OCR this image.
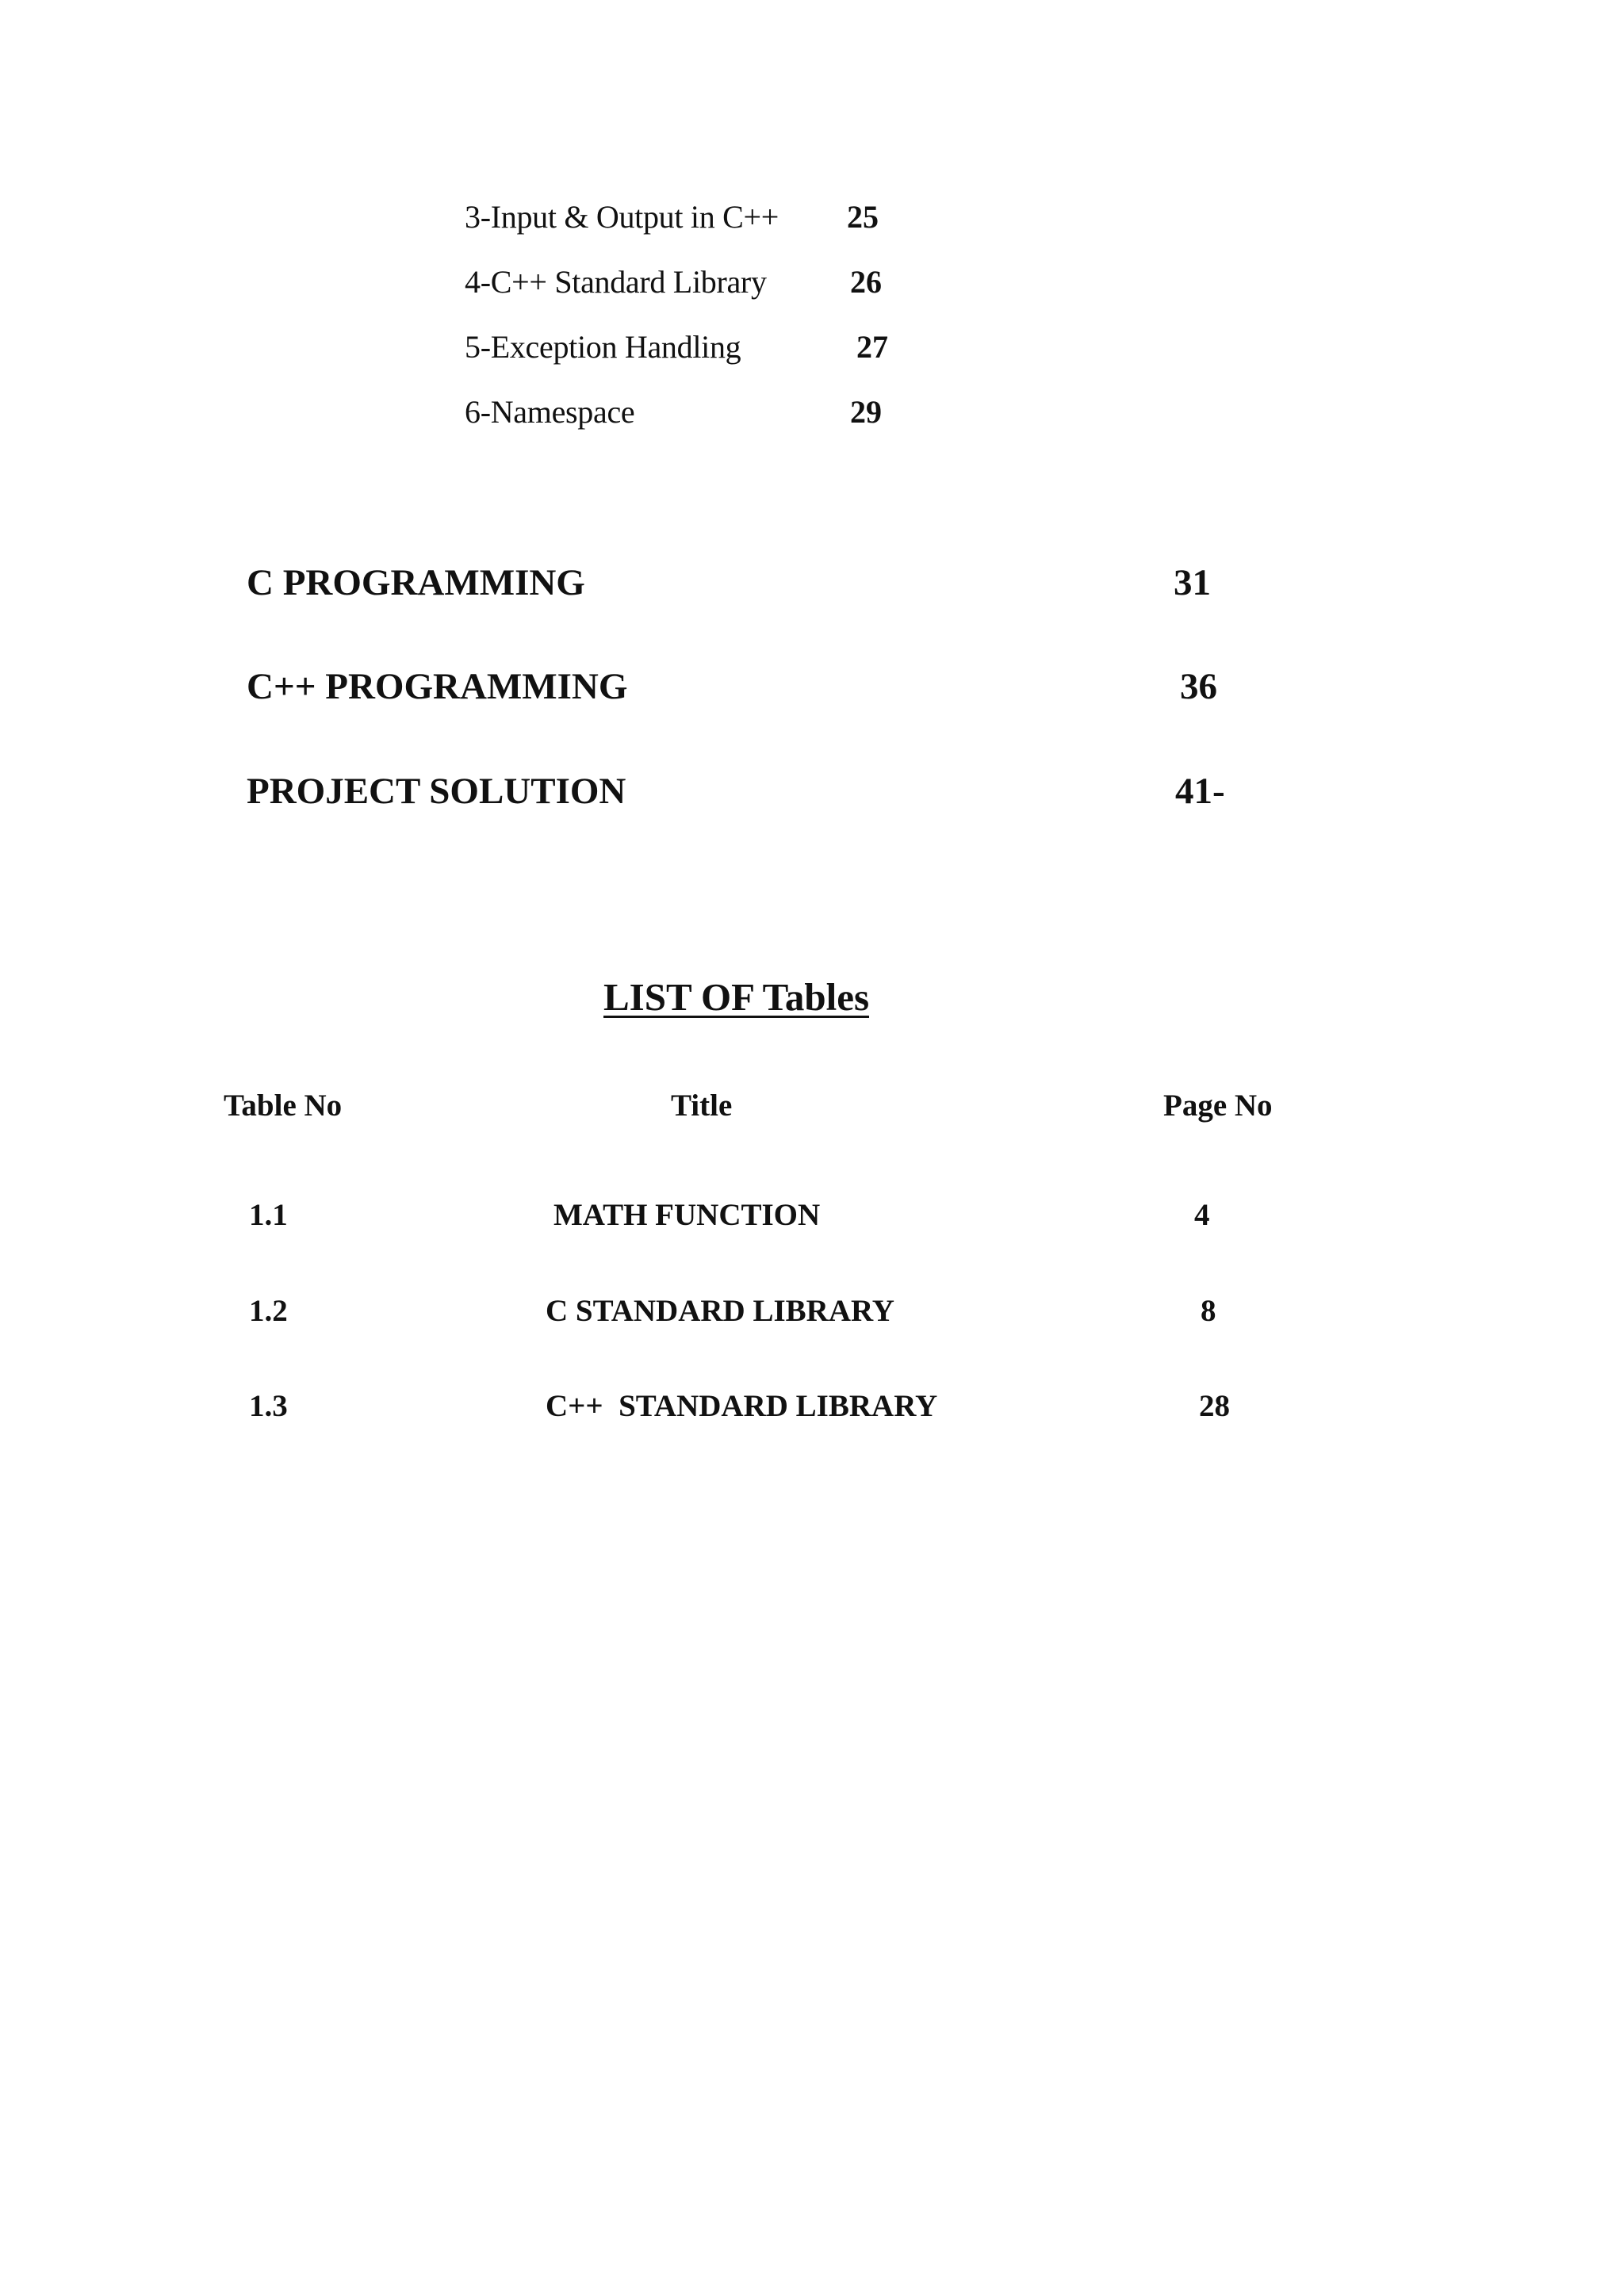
3-Input & Output in C++ 25
4-C++ Standard Library	26
5-Exception Handling	27
6-Namespace	29
C PROGRAMMING	31
C++ PROGRAMMING	36
PROJECT SOLUTION	41-
LIST OF Tables
Table No	Title	Page No
1.1	MATH FUNCTION	4
1.2	C STANDARD LIBRARY	8
1.3	C++  STANDARD LIBRARY	28
